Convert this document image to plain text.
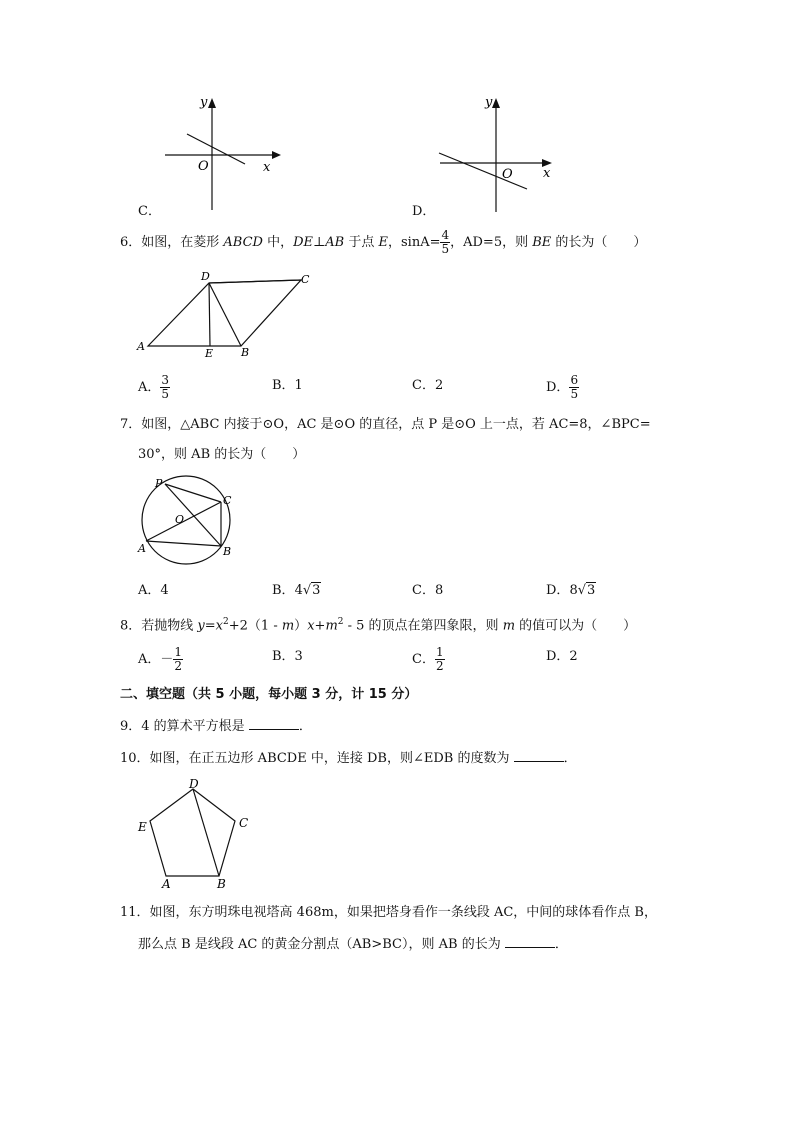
y
x
O
C．
y
x
O
D．
6．如图，在菱形 ABCD 中，DE⊥AB 于点 E，$\sin A= \frac{4}{5}$ ，AD=5，则 BE 的长为（　　）
A
D	C
E	B
A． $\frac{3}{5}$	B．1	C．2	D． $\frac{6}{5}$
7．如图，△ABC 内接于⊙O，AC 是⊙O 的直径，点 P 是⊙O 上一点，若 AC=8，∠BPC=
30°，则 AB 的长为（　　）
P
C
O
A	B
A．4	B．4√3	C．8	D．8√3
8．若抛物线 $y=x^2+2(1 - m)x+m^2 - 5$ 的顶点在第四象限，则 m 的值可以为（　　）
A．－ $\frac{1}{2}$	B．3	C． $\frac{1}{2}$	D．2
二、填空题（共 5 小题，每小题 3 分，计 15 分）
9．4 的算术平方根是	．
10．如图，在正五边形 ABCDE 中，连接 DB，则∠EDB 的度数为	．
D
E	C
A	B
11．如图，东方明珠电视塔高 468m，如果把塔身看作一条线段 AC，中间的球体看作点 B，
那么点 B 是线段 AC 的黄金分割点（AB>BC），则 AB 的长为	．
